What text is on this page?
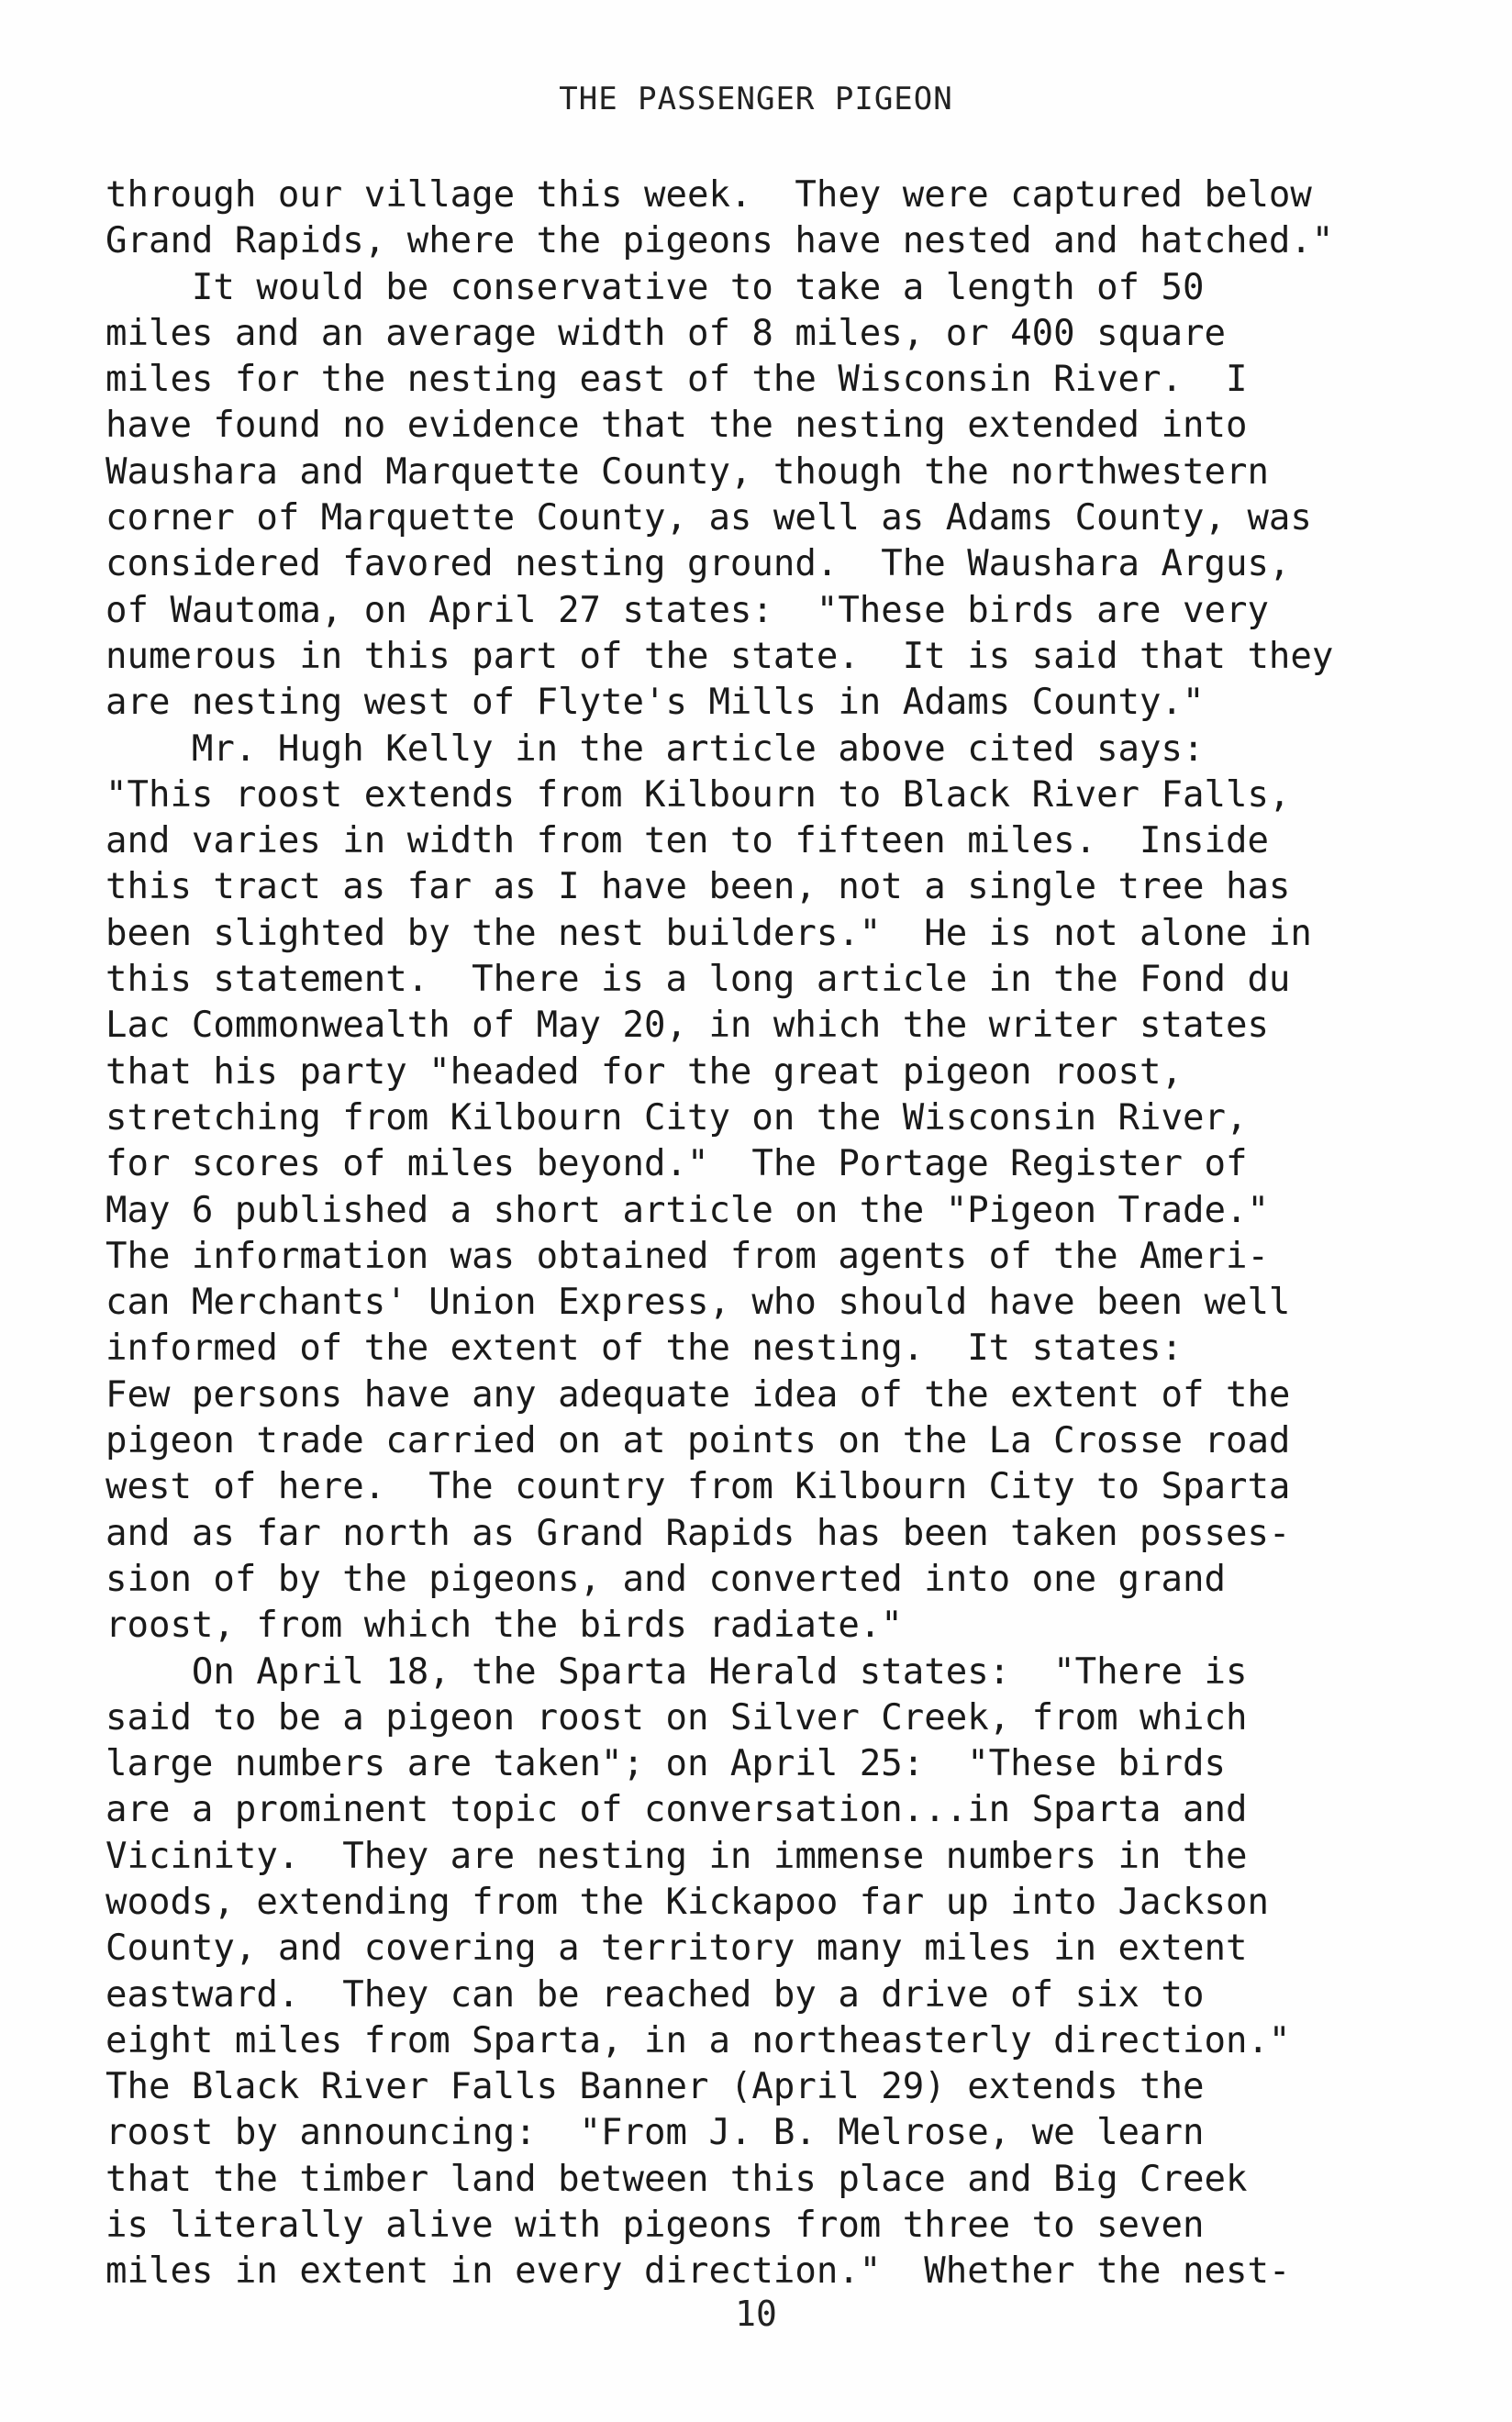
THE PASSENGER PIGEON
through our village this week.  They were captured below
Grand Rapids, where the pigeons have nested and hatched."
It would be conservative to take a length of 50
miles and an average width of 8 miles, or 400 square
miles for the nesting east of the Wisconsin River.  I
have found no evidence that the nesting extended into
Waushara and Marquette County, though the northwestern
corner of Marquette County, as well as Adams County, was
considered favored nesting ground.  The Waushara Argus,
of Wautoma, on April 27 states:  "These birds are very
numerous in this part of the state.  It is said that they
are nesting west of Flyte's Mills in Adams County."
Mr. Hugh Kelly in the article above cited says:
"This roost extends from Kilbourn to Black River Falls,
and varies in width from ten to fifteen miles.  Inside
this tract as far as I have been, not a single tree has
been slighted by the nest builders."  He is not alone in
this statement.  There is a long article in the Fond du
Lac Commonwealth of May 20, in which the writer states
that his party "headed for the great pigeon roost,
stretching from Kilbourn City on the Wisconsin River,
for scores of miles beyond."  The Portage Register of
May 6 published a short article on the "Pigeon Trade."
The information was obtained from agents of the Ameri-
can Merchants' Union Express, who should have been well
informed of the extent of the nesting.  It states:
Few persons have any adequate idea of the extent of the
pigeon trade carried on at points on the La Crosse road
west of here.  The country from Kilbourn City to Sparta
and as far north as Grand Rapids has been taken posses-
sion of by the pigeons, and converted into one grand
roost, from which the birds radiate."
On April 18, the Sparta Herald states:  "There is
said to be a pigeon roost on Silver Creek, from which
large numbers are taken"; on April 25:  "These birds
are a prominent topic of conversation...in Sparta and
Vicinity.  They are nesting in immense numbers in the
woods, extending from the Kickapoo far up into Jackson
County, and covering a territory many miles in extent
eastward.  They can be reached by a drive of six to
eight miles from Sparta, in a northeasterly direction."
The Black River Falls Banner (April 29) extends the
roost by announcing:  "From J. B. Melrose, we learn
that the timber land between this place and Big Creek
is literally alive with pigeons from three to seven
miles in extent in every direction."  Whether the nest-
10
